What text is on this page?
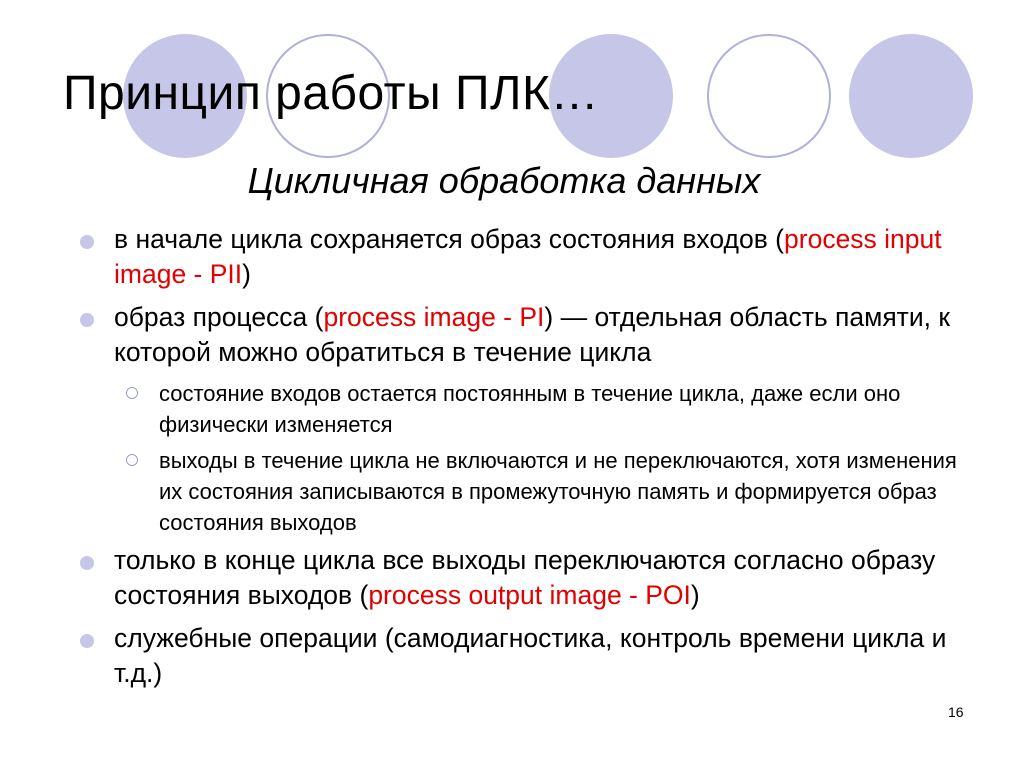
Принцип работы ПЛК…
Цикличная обработка данных
в начале цикла сохраняется образ состояния входов (process input image - PII)
образ процесса (process image - PI) — отдельная область памяти, к которой можно обратиться в течение цикла
состояние входов остается постоянным в течение цикла, даже если оно физически изменяется
выходы в течение цикла не включаются и не переключаются, хотя изменения их состояния записываются в промежуточную память и формируется образ состояния выходов
только в конце цикла все выходы переключаются согласно образу состояния выходов (process output image - POI)
служебные операции (самодиагностика, контроль времени цикла и т.д.)
16
